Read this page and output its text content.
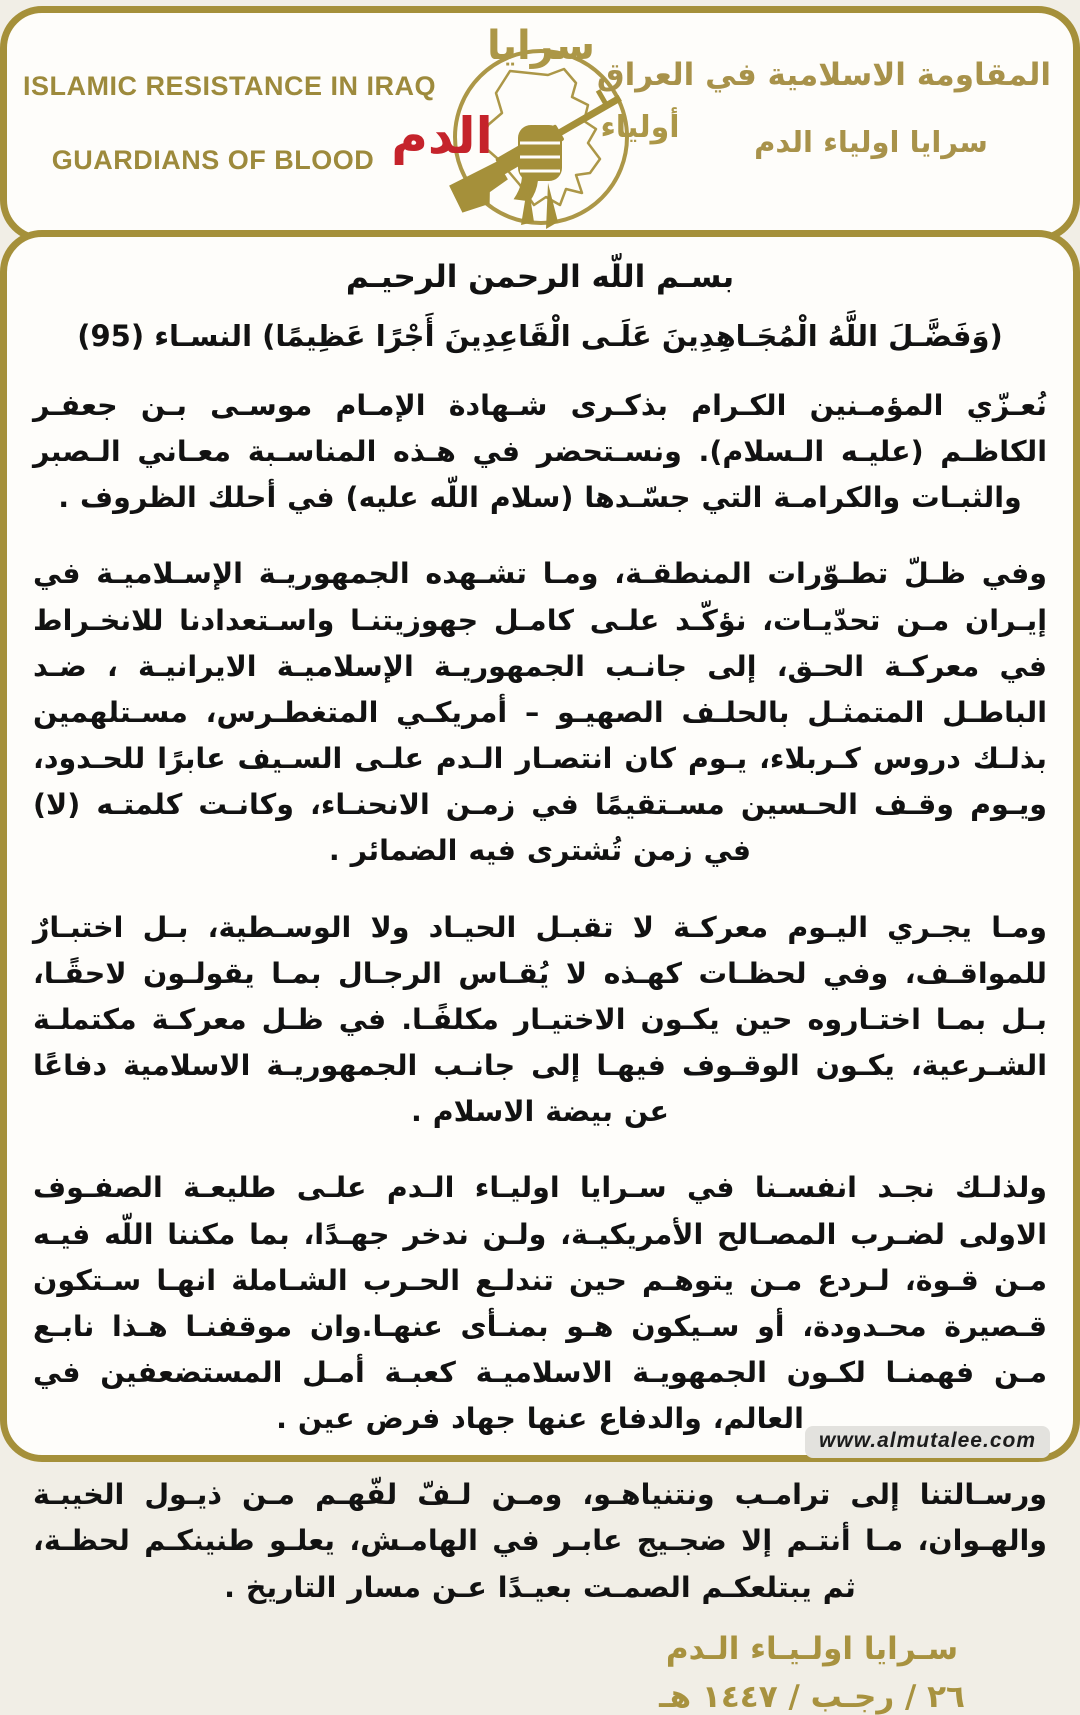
ISLAMIC RESISTANCE IN IRAQ
GUARDIANS OF BLOOD
سرايا
أولياء
الدم
المقاومة الاسلامية في العراق
سرايا اولياء الدم

بسـم اللّه الرحمن الرحيـم

(وَفَضَّـلَ اللَّهُ الْمُجَـاهِدِينَ عَلَـى الْقَاعِدِينَ أَجْرًا عَظِيمًا) النسـاء (95)

نُعـزّي المؤمـنين الكـرام بذكـرى شـهادة الإمـام موسـى بـن جعفـر الكاظـم (عليـه الـسلام). ونسـتحضر في هـذه المناسـبة معـاني الـصبر والثبـات والكرامـة التي جسّـدها (سلام اللّه عليه) في أحلك الظروف .

وفي ظـلّ تطـوّرات المنطقـة، ومـا تشـهده الجمهوريـة الإسـلاميـة في إيـران مـن تحدّيـات، نؤكّـد علـى كامـل جهوزيتنـا واسـتعدادنا للانخـراط في معركـة الحـق، إلى جانـب الجمهوريـة الإسلاميـة الايرانيـة ، ضـد الباطـل المتمثـل بالحلـف الصهيـو – أمريكـي المتغطـرس، مسـتلهمين بذلـك دروس كـربلاء، يـوم كان انتصـار الـدم علـى السـيف عابرًا للحـدود، ويـوم وقـف الحـسين مسـتقيمًا في زمـن الانحنـاء، وكانـت كلمتـه (لا) في زمن تُشترى فيه الضمائر .

ومـا يجـري اليـوم معركـة لا تقبـل الحيـاد ولا الوسـطية، بـل اختبـارٌ للمواقـف، وفي لحظـات كهـذه لا يُقـاس الرجـال بمـا يقولـون لاحقًـا، بـل بمـا اختـاروه حين يكـون الاختيـار مكلفًـا. في ظـل معركـة مكتملـة الشـرعية، يكـون الوقـوف فيهـا إلى جانـب الجمهوريـة الاسلامية دفاعًا عن بيضة الاسلام .

ولذلـك نجـد انفسـنا في سـرايا اوليـاء الـدم علـى طليعـة الصفـوف الاولى لضـرب المصـالح الأمريكيـة، ولـن ندخر جهـدًا، بما مكننا اللّه فيـه مـن قـوة، لـردع مـن يتوهـم حين تندلـع الحـرب الشـاملة انهـا سـتكون قـصيرة محـدودة، أو سـيكون هـو بمنـأى عنهـا.وان موقفنـا هـذا نابـع مـن فهمنـا لكـون الجمهويـة الاسلاميـة كعبـة أمـل المستضعفين في العالم، والدفاع عنها جهاد فرض عين .

ورسـالتنا إلى ترامـب ونتنياهـو، ومـن لـفّ لفّهـم مـن ذيـول الخيبـة والهـوان، مـا أنتـم إلا ضجـيج عابـر في الهامـش، يعلـو طنينكـم لحظـة، ثم يبتلعكـم الصمـت بعيـدًا عـن مسار التاريخ .

سـرايا اولـيـاء الـدم
٢٦ / رجـب / ١٤٤٧ هـ
www.almutalee.com
